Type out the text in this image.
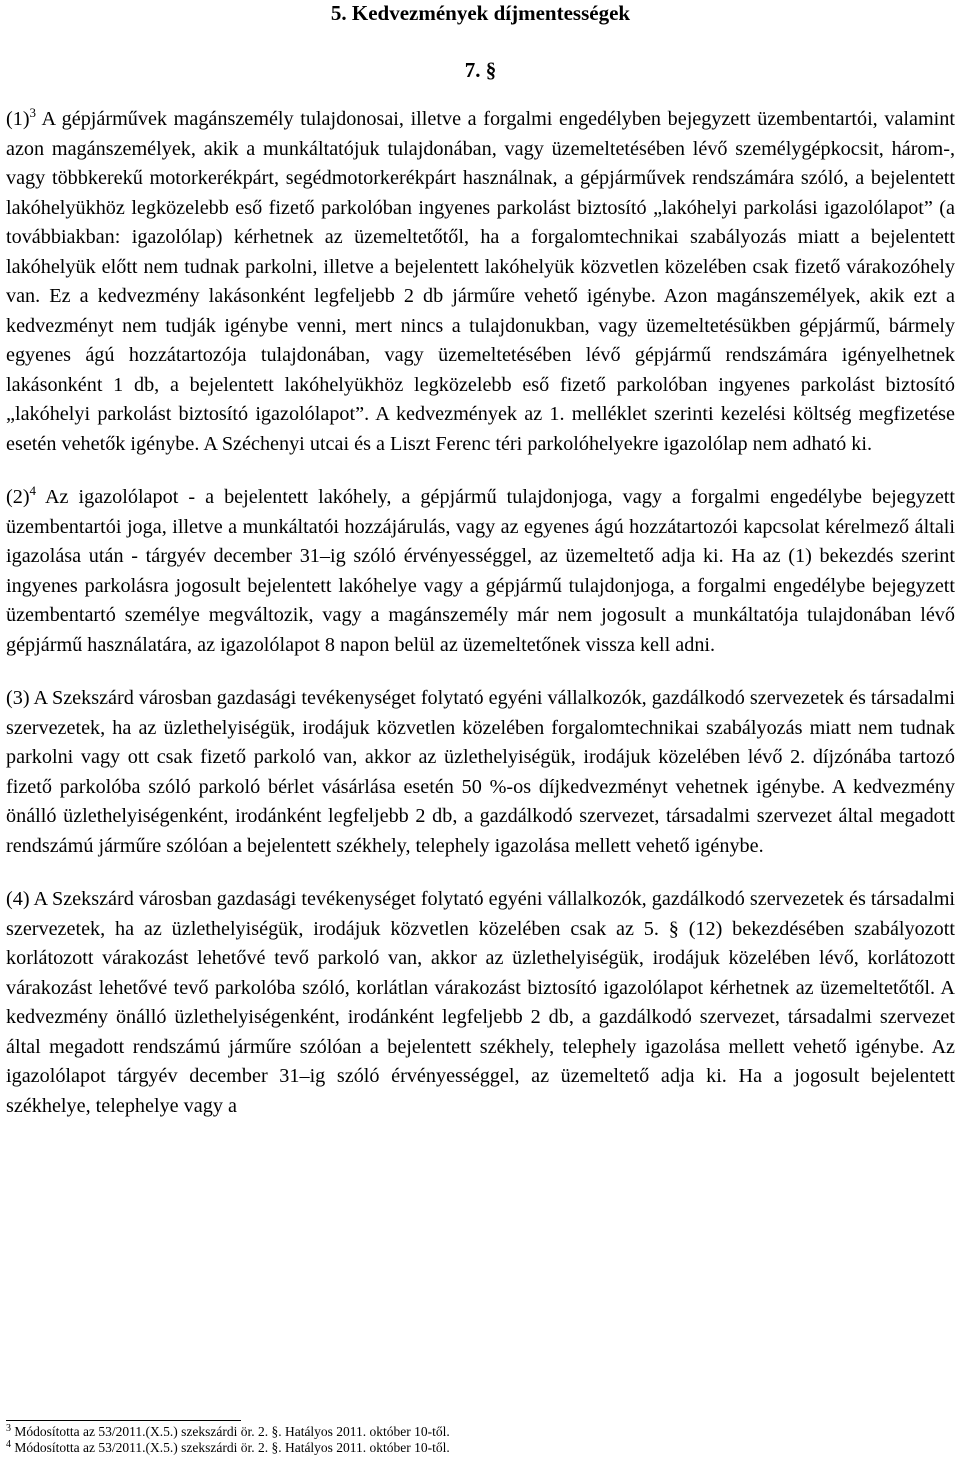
5. Kedvezmények díjmentességek
7. §

$(1)^3$ A gépjárművek magánszemély tulajdonosai, illetve a forgalmi engedélyben bejegyzett üzembentartói, valamint azon magánszemélyek, akik a munkáltatójuk tulajdonában, vagy üzemeltetésében lévő személygépkocsit, három-, vagy többkerekű motorkerékpárt, segédmotorkerékpárt használnak, a gépjárművek rendszámára szóló, a bejelentett lakóhelyükhöz legközelebb eső fizető parkolóban ingyenes parkolást biztosító „lakóhelyi parkolási igazolólapot” (a továbbiakban: igazolólap) kérhetnek az üzemeltetőtől, ha a forgalomtechnikai szabályozás miatt a bejelentett lakóhelyük előtt nem tudnak parkolni, illetve a bejelentett lakóhelyük közvetlen közelében csak fizető várakozóhely van. Ez a kedvezmény lakásonként legfeljebb 2 db járműre vehető igénybe. Azon magánszemélyek, akik ezt a kedvezményt nem tudják igénybe venni, mert nincs a tulajdonukban, vagy üzemeltetésükben gépjármű, bármely egyenes ágú hozzátartozója tulajdonában, vagy üzemeltetésében lévő gépjármű rendszámára igényelhetnek lakásonként 1 db, a bejelentett lakóhelyükhöz legközelebb eső fizető parkolóban ingyenes parkolást biztosító „lakóhelyi parkolást biztosító igazolólapot”. A kedvezmények az 1. melléklet szerinti kezelési költség megfizetése esetén vehetők igénybe. A Széchenyi utcai és a Liszt Ferenc téri parkolóhelyekre igazolólap nem adható ki.

$(2)^4$ Az igazolólapot - a bejelentett lakóhely, a gépjármű tulajdonjoga, vagy a forgalmi engedélybe bejegyzett üzembentartói joga, illetve a munkáltatói hozzájárulás, vagy az egyenes ágú hozzátartozói kapcsolat kérelmező általi igazolása után - tárgyév december 31–ig szóló érvényességgel, az üzemeltető adja ki. Ha az (1) bekezdés szerint ingyenes parkolásra jogosult bejelentett lakóhelye vagy a gépjármű tulajdonjoga, a forgalmi engedélybe bejegyzett üzembentartó személye megváltozik, vagy a magánszemély már nem jogosult a munkáltatója tulajdonában lévő gépjármű használatára, az igazolólapot 8 napon belül az üzemeltetőnek vissza kell adni.

(3) A Szekszárd városban gazdasági tevékenységet folytató egyéni vállalkozók, gazdálkodó szervezetek és társadalmi szervezetek, ha az üzlethelyiségük, irodájuk közvetlen közelében forgalomtechnikai szabályozás miatt nem tudnak parkolni vagy ott csak fizető parkoló van, akkor az üzlethelyiségük, irodájuk közelében lévő 2. díjzónába tartozó fizető parkolóba szóló parkoló bérlet vásárlása esetén 50 %-os díjkedvezményt vehetnek igénybe. A kedvezmény önálló üzlethelyiségenként, irodánként legfeljebb 2 db, a gazdálkodó szervezet, társadalmi szervezet által megadott rendszámú járműre szólóan a bejelentett székhely, telephely igazolása mellett vehető igénybe.

(4) A Szekszárd városban gazdasági tevékenységet folytató egyéni vállalkozók, gazdálkodó szervezetek és társadalmi szervezetek, ha az üzlethelyiségük, irodájuk közvetlen közelében csak az 5. § (12) bekezdésében szabályozott korlátozott várakozást lehetővé tevő parkoló van, akkor az üzlethelyiségük, irodájuk közelében lévő, korlátozott várakozást lehetővé tevő parkolóba szóló, korlátlan várakozást biztosító igazolólapot kérhetnek az üzemeltetőtől. A kedvezmény önálló üzlethelyiségenként, irodánként legfeljebb 2 db, a gazdálkodó szervezet, társadalmi szervezet által megadott rendszámú járműre szólóan a bejelentett székhely, telephely igazolása mellett vehető igénybe. Az igazolólapot tárgyév december 31–ig szóló érvényességgel, az üzemeltető adja ki. Ha a jogosult bejelentett székhelye, telephelye vagy a

$^3$ Módosította az 53/2011.(X.5.) szekszárdi ör. 2. §. Hatályos 2011. október 10-től.

$^4$ Módosította az 53/2011.(X.5.) szekszárdi ör. 2. §. Hatályos 2011. október 10-től.
